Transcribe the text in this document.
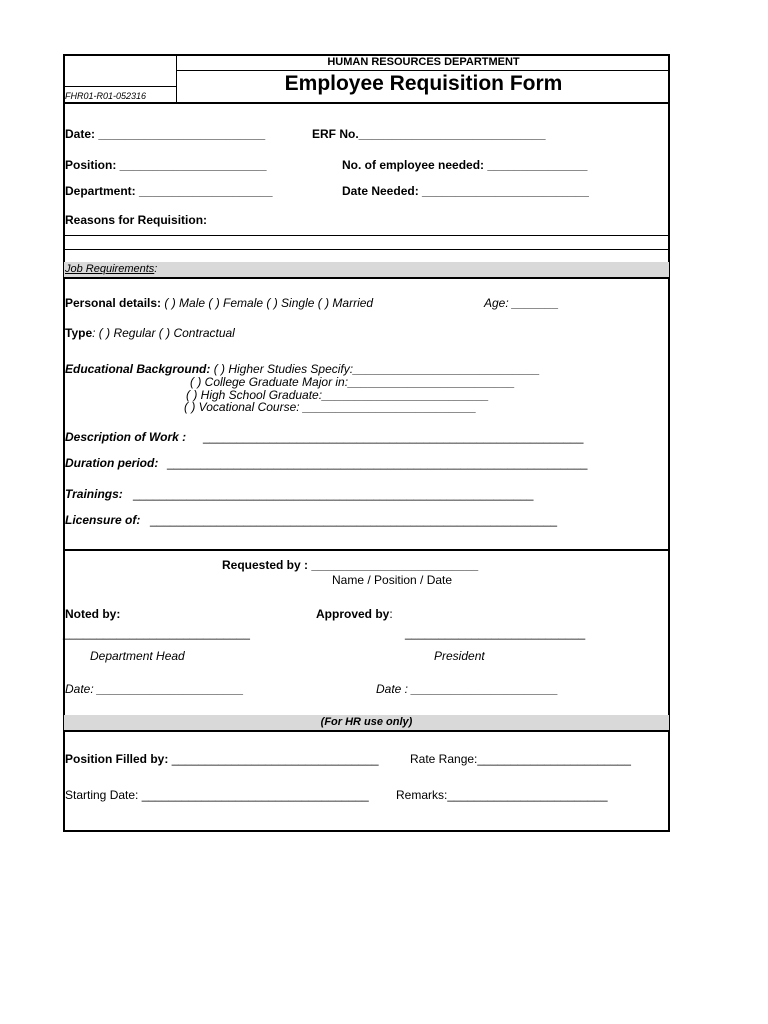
HUMAN RESOURCES DEPARTMENT
Employee Requisition Form
FHR01-R01-052316
Date: _________________________	ERF No.____________________________
Position: ______________________	No. of employee needed: _______________
Department: ____________________	Date Needed: _________________________
Reasons for Requisition:
Job Requirements:
Personal details: ( ) Male ( ) Female ( ) Single ( ) Married	Age: _______
Type: ( ) Regular ( ) Contractual
Educational Background: ( ) Higher Studies Specify:____________________________
( ) College Graduate Major in:_________________________
( ) High School Graduate:_________________________
( ) Vocational Course: __________________________
Description of Work : _________________________________________________________
Duration period: _______________________________________________________________
Trainings: ____________________________________________________________
Licensure of: _____________________________________________________________
Requested by : _________________________
Name / Position / Date
Noted by:	Approved by:
____________________________	___________________________
Department Head	President
Date: ______________________	Date : ______________________
(For HR use only)
Position Filled by: _______________________________	Rate Range:_______________________
Starting Date: __________________________________ Remarks:________________________
